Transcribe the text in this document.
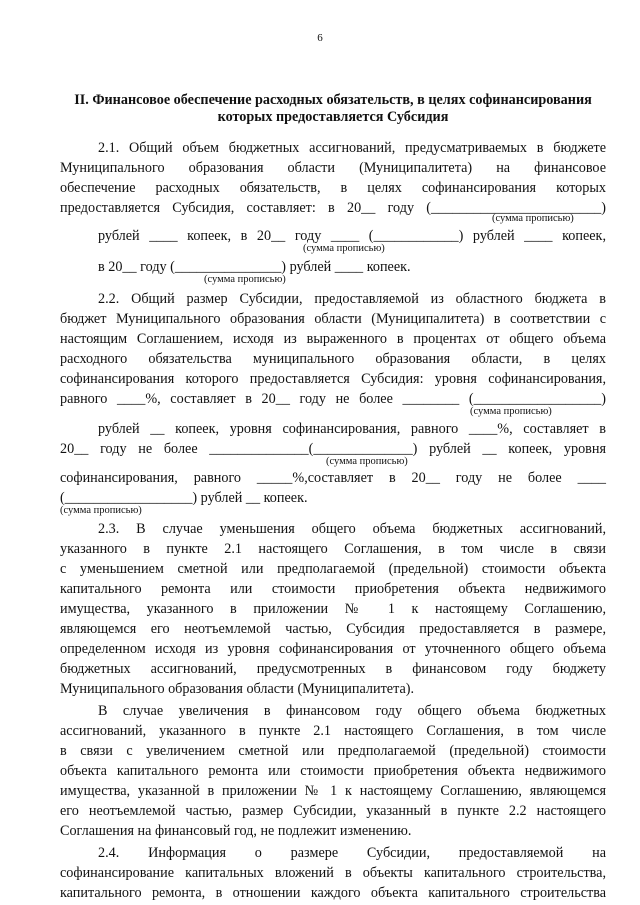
6
II. Финансовое обеспечение расходных обязательств, в целях софинансирования
которых предоставляется Субсидия
2.1. Общий объем бюджетных ассигнований, предусматриваемых в бюджете
Муниципального образования области (Муниципалитета) на финансовое
обеспечение расходных обязательств, в целях софинансирования которых
предоставляется Субсидия, составляет: в 20__ году (________________________)
(сумма прописью)
рублей ____ копеек, в 20__ году ____ (____________) рублей ____ копеек,
(сумма прописью)
в 20__ году (_______________) рублей ____ копеек.
(сумма прописью)
2.2. Общий размер Субсидии, предоставляемой из областного бюджета в
бюджет Муниципального образования области (Муниципалитета) в соответствии с
настоящим Соглашением, исходя из выраженного в процентах от общего объема
расходного обязательства муниципального образования области, в целях
софинансирования которого предоставляется Субсидия: уровня софинансирования,
равного ____%, составляет в 20__ году не более ________ (__________________)
(сумма прописью)
рублей __ копеек, уровня софинансирования, равного ____%, составляет в
20__ году не более ______________(______________) рублей __ копеек, уровня
(сумма прописью)
софинансирования, равного _____%,составляет в 20__ году не более ____
(__________________) рублей __ копеек.
(сумма прописью)
2.3. В случае уменьшения общего объема бюджетных ассигнований,
указанного в пункте 2.1 настоящего Соглашения, в том числе в связи
с уменьшением сметной или предполагаемой (предельной) стоимости объекта
капитального ремонта или стоимости приобретения объекта недвижимого
имущества, указанного в приложении № 1 к настоящему Соглашению,
являющемся его неотъемлемой частью, Субсидия предоставляется в размере,
определенном исходя из уровня софинансирования от уточненного общего объема
бюджетных ассигнований, предусмотренных в финансовом году бюджету
Муниципального образования области (Муниципалитета).
В случае увеличения в финансовом году общего объема бюджетных
ассигнований, указанного в пункте 2.1 настоящего Соглашения, в том числе
в связи с увеличением сметной или предполагаемой (предельной) стоимости
объекта капитального ремонта или стоимости приобретения объекта недвижимого
имущества, указанной в приложении № 1 к настоящему Соглашению, являющемся
его неотъемлемой частью, размер Субсидии, указанный в пункте 2.2 настоящего
Соглашения на финансовый год, не подлежит изменению.
2.4. Информация о размере Субсидии, предоставляемой на
софинансирование капитальных вложений в объекты капитального строительства,
капитального ремонта, в отношении каждого объекта капитального строительства
